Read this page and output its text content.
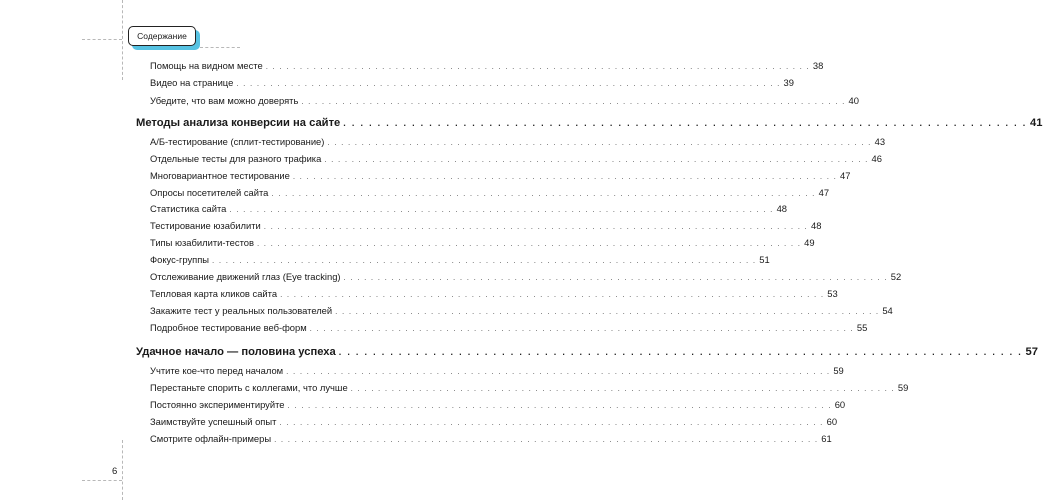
Содержание
Помощь на видном месте . . . . . . . . . . . . . . . . . . . . . . . . . . . . . . . . . . . . . . . . . . . . . . . . . . . . . . . . . . . . . . . . . . . . . . . . . . . . . . . . 38
Видео на странице . . . . . . . . . . . . . . . . . . . . . . . . . . . . . . . . . . . . . . . . . . . . . . . . . . . . . . . . . . . . . . . . . . . . . . . . . . . . . . . . 39
Убедите, что вам можно доверять . . . . . . . . . . . . . . . . . . . . . . . . . . . . . . . . . . . . . . . . . . . . . . . . . . . . . . . . . . . . . . . . . . . . . . . . . . . . . . . . 40
Методы анализа конверсии на сайте . . . . . . . . . . . . . . . . . . . . . . . . . . . . . . . . . . . . . . . . . . . . . . . . . . . . . . . . . . . . . . . . . . . . . . . . . . . . . . . . 41
А/Б-тестирование (сплит-тестирование) . . . . . . . . . . . . . . . . . . . . . . . . . . . . . . . . . . . . . . . . . . . . . . . . . . . . . . . . . . . . . . . . . . . . . . . . . . . . . . . . 43
Отдельные тесты для разного трафика . . . . . . . . . . . . . . . . . . . . . . . . . . . . . . . . . . . . . . . . . . . . . . . . . . . . . . . . . . . . . . . . . . . . . . . . . . . . . . . . 46
Многовариантное тестирование . . . . . . . . . . . . . . . . . . . . . . . . . . . . . . . . . . . . . . . . . . . . . . . . . . . . . . . . . . . . . . . . . . . . . . . . . . . . . . . . 47
Опросы посетителей сайта . . . . . . . . . . . . . . . . . . . . . . . . . . . . . . . . . . . . . . . . . . . . . . . . . . . . . . . . . . . . . . . . . . . . . . . . . . . . . . . . 47
Статистика сайта . . . . . . . . . . . . . . . . . . . . . . . . . . . . . . . . . . . . . . . . . . . . . . . . . . . . . . . . . . . . . . . . . . . . . . . . . . . . . . . . 48
Тестирование юзабилити . . . . . . . . . . . . . . . . . . . . . . . . . . . . . . . . . . . . . . . . . . . . . . . . . . . . . . . . . . . . . . . . . . . . . . . . . . . . . . . . 48
Типы юзабилити-тестов . . . . . . . . . . . . . . . . . . . . . . . . . . . . . . . . . . . . . . . . . . . . . . . . . . . . . . . . . . . . . . . . . . . . . . . . . . . . . . . . 49
Фокус-группы . . . . . . . . . . . . . . . . . . . . . . . . . . . . . . . . . . . . . . . . . . . . . . . . . . . . . . . . . . . . . . . . . . . . . . . . . . . . . . . . 51
Отслеживание движений глаз (Eye tracking) . . . . . . . . . . . . . . . . . . . . . . . . . . . . . . . . . . . . . . . . . . . . . . . . . . . . . . . . . . . . . . . . . . . . . . . . . . . . . . . . 52
Тепловая карта кликов сайта . . . . . . . . . . . . . . . . . . . . . . . . . . . . . . . . . . . . . . . . . . . . . . . . . . . . . . . . . . . . . . . . . . . . . . . . . . . . . . . . 53
Закажите тест у реальных пользователей . . . . . . . . . . . . . . . . . . . . . . . . . . . . . . . . . . . . . . . . . . . . . . . . . . . . . . . . . . . . . . . . . . . . . . . . . . . . . . . . 54
Подробное тестирование веб-форм . . . . . . . . . . . . . . . . . . . . . . . . . . . . . . . . . . . . . . . . . . . . . . . . . . . . . . . . . . . . . . . . . . . . . . . . . . . . . . . . 55
Удачное начало — половина успеха . . . . . . . . . . . . . . . . . . . . . . . . . . . . . . . . . . . . . . . . . . . . . . . . . . . . . . . . . . . . . . . . . . . . . . . . . . . . . . . . 57
Учтите кое-что перед началом . . . . . . . . . . . . . . . . . . . . . . . . . . . . . . . . . . . . . . . . . . . . . . . . . . . . . . . . . . . . . . . . . . . . . . . . . . . . . . . . 59
Перестаньте спорить с коллегами, что лучше . . . . . . . . . . . . . . . . . . . . . . . . . . . . . . . . . . . . . . . . . . . . . . . . . . . . . . . . . . . . . . . . . . . . . . . . . . . . . . . . 59
Постоянно экспериментируйте . . . . . . . . . . . . . . . . . . . . . . . . . . . . . . . . . . . . . . . . . . . . . . . . . . . . . . . . . . . . . . . . . . . . . . . . . . . . . . . . 60
Заимствуйте успешный опыт . . . . . . . . . . . . . . . . . . . . . . . . . . . . . . . . . . . . . . . . . . . . . . . . . . . . . . . . . . . . . . . . . . . . . . . . . . . . . . . . 60
Смотрите офлайн-примеры . . . . . . . . . . . . . . . . . . . . . . . . . . . . . . . . . . . . . . . . . . . . . . . . . . . . . . . . . . . . . . . . . . . . . . . . . . . . . . . . 61
6
